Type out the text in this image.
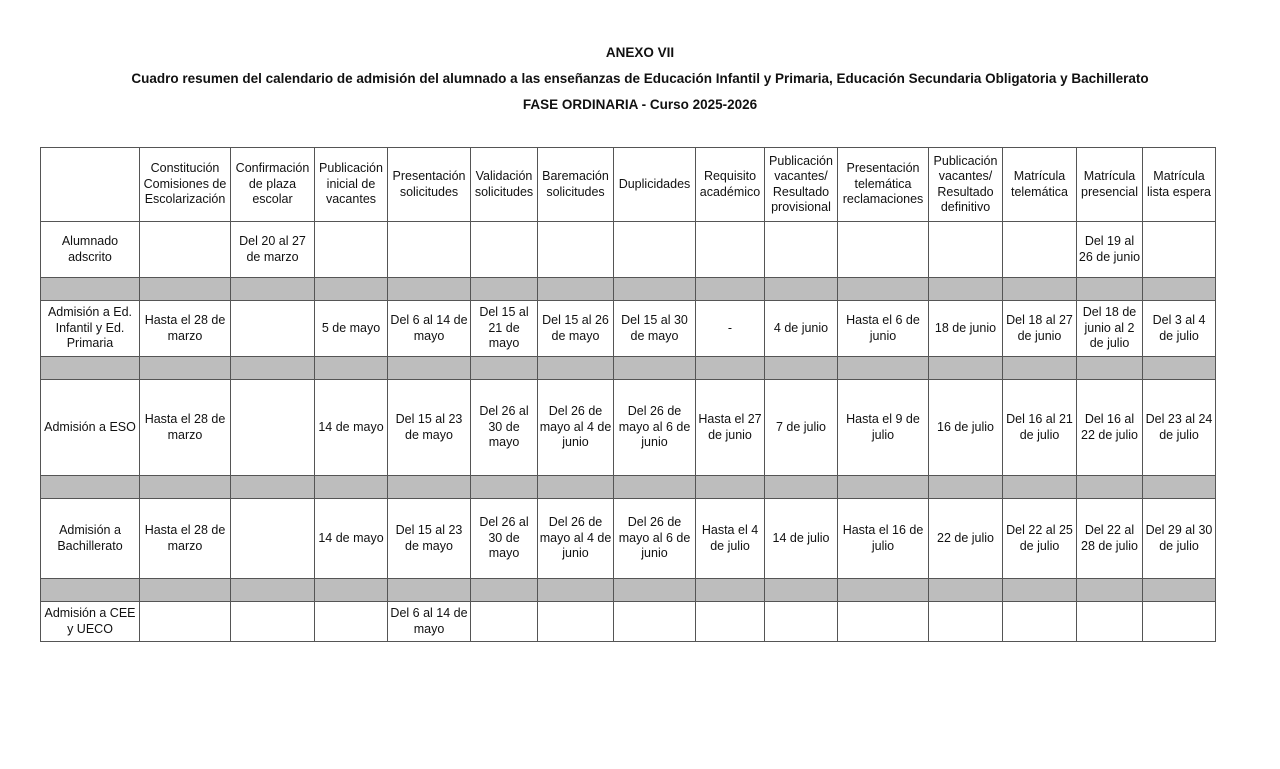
ANEXO VII
Cuadro resumen del calendario de admisión del alumnado a las enseñanzas de Educación Infantil y Primaria, Educación Secundaria Obligatoria y Bachillerato
FASE ORDINARIA - Curso 2025-2026
	Constitución Comisiones de Escolarización	Confirmación de plaza escolar	Publicación inicial de vacantes	Presentación solicitudes	Validación solicitudes	Baremación solicitudes	Duplicidades	Requisito académico	Publicación vacantes/ Resultado provisional	Presentación telemática reclamaciones	Publicación vacantes/ Resultado definitivo	Matrícula telemática	Matrícula presencial	Matrícula lista espera
Alumnado adscrito		Del 20 al 27 de marzo											Del 19 al 26 de junio	

Admisión a Ed. Infantil y Ed. Primaria	Hasta el 28 de marzo		5 de mayo	Del 6 al 14 de mayo	Del 15 al 21 de mayo	Del 15 al 26 de mayo	Del 15 al 30 de mayo	-	4 de junio	Hasta el 6 de junio	18 de junio	Del 18 al 27 de junio	Del 18 de junio al 2 de julio	Del 3 al 4 de julio

Admisión a ESO	Hasta el 28 de marzo		14 de mayo	Del 15 al 23 de mayo	Del 26 al 30 de mayo	Del 26 de mayo al 4 de junio	Del 26 de mayo al 6 de junio	Hasta el 27 de junio	7 de julio	Hasta el 9 de julio	16 de julio	Del 16 al 21 de julio	Del 16 al 22 de julio	Del 23 al 24 de julio

Admisión a Bachillerato	Hasta el 28 de marzo		14 de mayo	Del 15 al 23 de mayo	Del 26 al 30 de mayo	Del 26 de mayo al 4 de junio	Del 26 de mayo al 6 de junio	Hasta el 4 de julio	14 de julio	Hasta el 16 de julio	22 de julio	Del 22 al 25 de julio	Del 22 al 28 de julio	Del 29 al 30 de julio

Admisión a CEE y UECO				Del 6 al 14 de mayo										
